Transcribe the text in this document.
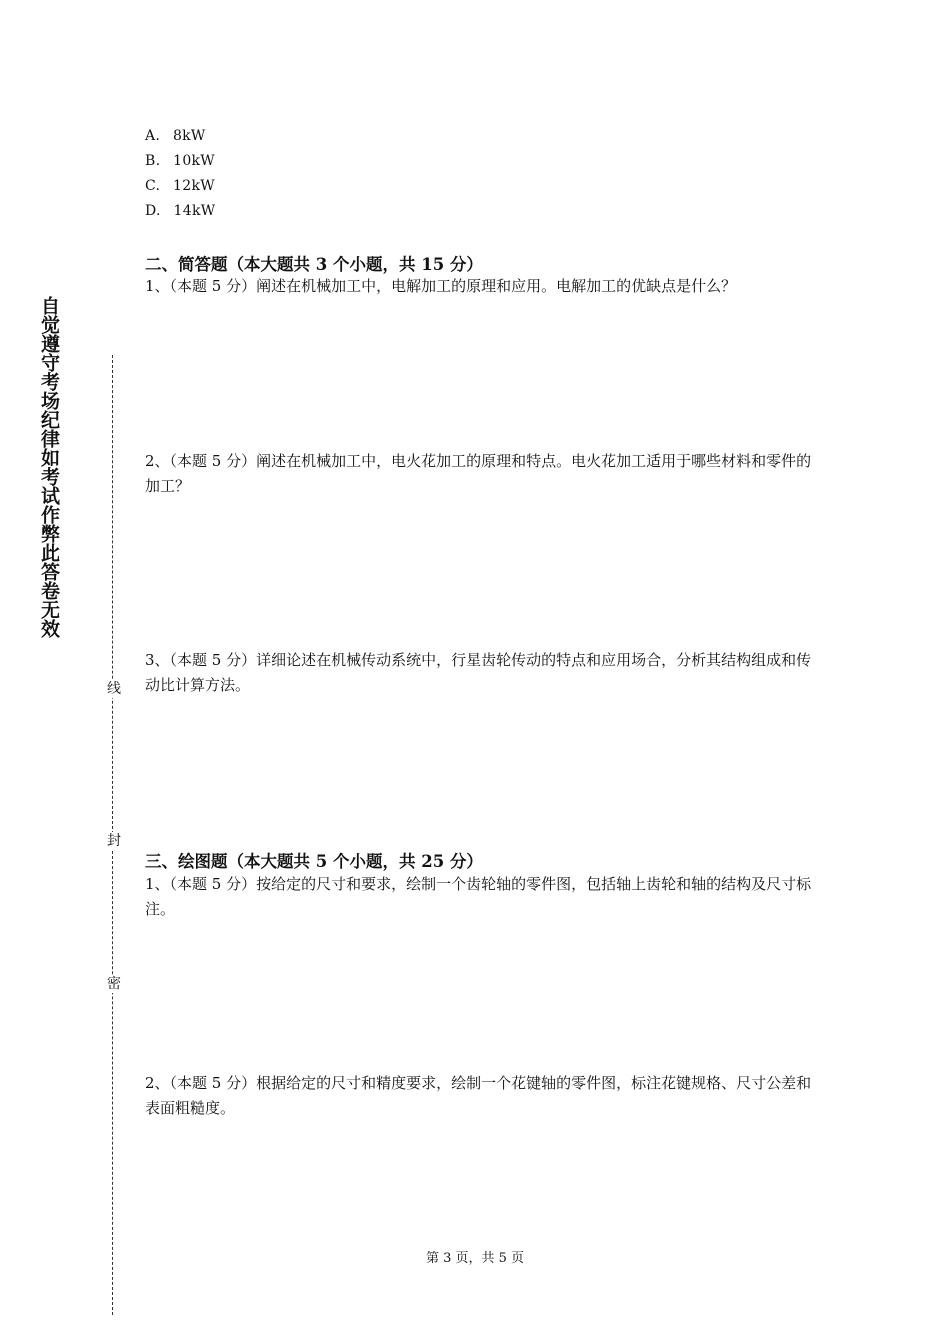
A. 8kW
B. 10kW
C. 12kW
D. 14kW
二、简答题（本大题共 3 个小题，共 15 分）
1、（本题 5 分）阐述在机械加工中，电解加工的原理和应用。电解加工的优缺点是什么？
2、（本题 5 分）阐述在机械加工中，电火花加工的原理和特点。电火花加工适用于哪些材料和零件的加工？
3、（本题 5 分）详细论述在机械传动系统中，行星齿轮传动的特点和应用场合，分析其结构组成和传动比计算方法。
三、绘图题（本大题共 5 个小题，共 25 分）
1、（本题 5 分）按给定的尺寸和要求，绘制一个齿轮轴的零件图，包括轴上齿轮和轴的结构及尺寸标注。
2、（本题 5 分）根据给定的尺寸和精度要求，绘制一个花键轴的零件图，标注花键规格、尺寸公差和表面粗糙度。
自觉遵守考场纪律如考试作弊此答卷无效
线
封
密
第 3 页，共 5 页
